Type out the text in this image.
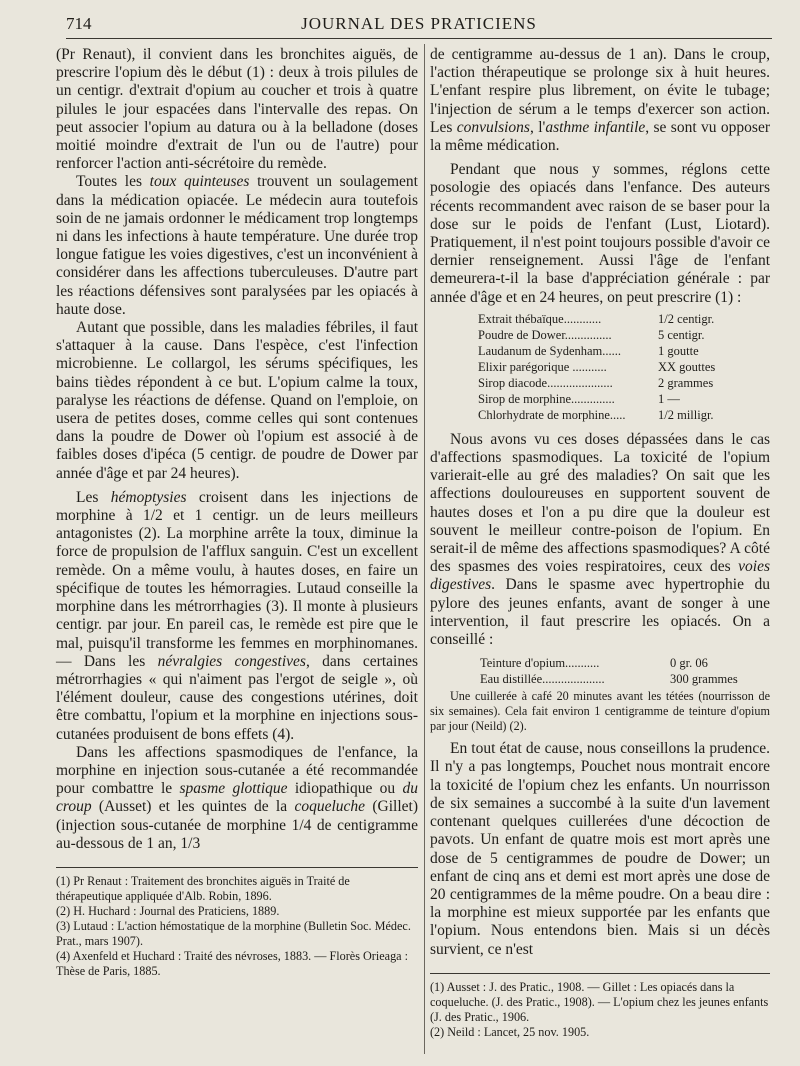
714	JOURNAL DES PRATICIENS

(Pr Renaut), il convient dans les bronchites aiguës, de prescrire l'opium dès le début (1) : deux à trois pilules de un centigr. d'extrait d'opium au coucher et trois à quatre pilules le jour espacées dans l'intervalle des repas. On peut associer l'opium au datura ou à la belladone (doses moitié moindre d'extrait de l'un ou de l'autre) pour renforcer l'action anti-sécrétoire du remède.

Toutes les toux quinteuses trouvent un soulagement dans la médication opiacée. Le médecin aura toutefois soin de ne jamais ordonner le médicament trop longtemps ni dans les infections à haute température. Une durée trop longue fatigue les voies digestives, c'est un inconvénient à considérer dans les affections tuberculeuses. D'autre part les réactions défensives sont paralysées par les opiacés à haute dose.

Autant que possible, dans les maladies fébriles, il faut s'attaquer à la cause. Dans l'espèce, c'est l'infection microbienne. Le collargol, les sérums spécifiques, les bains tièdes répondent à ce but. L'opium calme la toux, paralyse les réactions de défense. Quand on l'emploie, on usera de petites doses, comme celles qui sont contenues dans la poudre de Dower où l'opium est associé à de faibles doses d'ipéca (5 centigr. de poudre de Dower par année d'âge et par 24 heures).

Les hémoptysies croisent dans les injections de morphine à 1/2 et 1 centigr. un de leurs meilleurs antagonistes (2). La morphine arrête la toux, diminue la force de propulsion de l'afflux sanguin. C'est un excellent remède. On a même voulu, à hautes doses, en faire un spécifique de toutes les hémorragies. Lutaud conseille la morphine dans les métrorrhagies (3). Il monte à plusieurs centigr. par jour. En pareil cas, le remède est pire que le mal, puisqu'il transforme les femmes en morphinomanes. — Dans les névralgies congestives, dans certaines métrorrhagies « qui n'aiment pas l'ergot de seigle », où l'élément douleur, cause des congestions utérines, doit être combattu, l'opium et la morphine en injections sous-cutanées produisent de bons effets (4).

Dans les affections spasmodiques de l'enfance, la morphine en injection sous-cutanée a été recommandée pour combattre le spasme glottique idiopathique ou du croup (Ausset) et les quintes de la coqueluche (Gillet) (injection sous-cutanée de morphine 1/4 de centigramme au-dessous de 1 an, 1/3

(1) Pr Renaut : Traitement des bronchites aiguës in Traité de thérapeutique appliquée d'Alb. Robin, 1896.

(2) H. Huchard : Journal des Praticiens, 1889.

(3) Lutaud : L'action hémostatique de la morphine (Bulletin Soc. Médec. Prat., mars 1907).

(4) Axenfeld et Huchard : Traité des névroses, 1883. — Florès Orieaga : Thèse de Paris, 1885.

de centigramme au-dessus de 1 an). Dans le croup, l'action thérapeutique se prolonge six à huit heures. L'enfant respire plus librement, on évite le tubage; l'injection de sérum a le temps d'exercer son action. Les convulsions, l'asthme infantile, se sont vu opposer la même médication.

Pendant que nous y sommes, réglons cette posologie des opiacés dans l'enfance. Des auteurs récents recommandent avec raison de se baser pour la dose sur le poids de l'enfant (Lust, Liotard). Pratiquement, il n'est point toujours possible d'avoir ce dernier renseignement. Aussi l'âge de l'enfant demeurera-t-il la base d'appréciation générale : par année d'âge et en 24 heures, on peut prescrire (1) :

Extrait thébaïque............	1/2 centigr.
Poudre de Dower...............	5 centigr.
Laudanum de Sydenham......	1 goutte
Elixir parégorique ...........	XX gouttes
Sirop diacode.....................	2 grammes
Sirop de morphine..............	1 —
Chlorhydrate de morphine.....	1/2 milligr.

Nous avons vu ces doses dépassées dans le cas d'affections spasmodiques. La toxicité de l'opium varierait-elle au gré des maladies? On sait que les affections douloureuses en supportent souvent de hautes doses et l'on a pu dire que la douleur est souvent le meilleur contre-poison de l'opium. En serait-il de même des affections spasmodiques? A côté des spasmes des voies respiratoires, ceux des voies digestives. Dans le spasme avec hypertrophie du pylore des jeunes enfants, avant de songer à une intervention, il faut prescrire les opiacés. On a conseillé :

Teinture d'opium...........	0 gr. 06
Eau distillée....................	300 grammes

Une cuillerée à café 20 minutes avant les tétées (nourrisson de six semaines). Cela fait environ 1 centigramme de teinture d'opium par jour (Neild) (2).

En tout état de cause, nous conseillons la prudence. Il n'y a pas longtemps, Pouchet nous montrait encore la toxicité de l'opium chez les enfants. Un nourrisson de six semaines a succombé à la suite d'un lavement contenant quelques cuillerées d'une décoction de pavots. Un enfant de quatre mois est mort après une dose de 5 centigrammes de poudre de Dower; un enfant de cinq ans et demi est mort après une dose de 20 centigrammes de la même poudre. On a beau dire : la morphine est mieux supportée par les enfants que l'opium. Nous entendons bien. Mais si un décès survient, ce n'est

(1) Ausset : J. des Pratic., 1908. — Gillet : Les opiacés dans la coqueluche. (J. des Pratic., 1908). — L'opium chez les jeunes enfants (J. des Pratic., 1906.

(2) Neild : Lancet, 25 nov. 1905.
